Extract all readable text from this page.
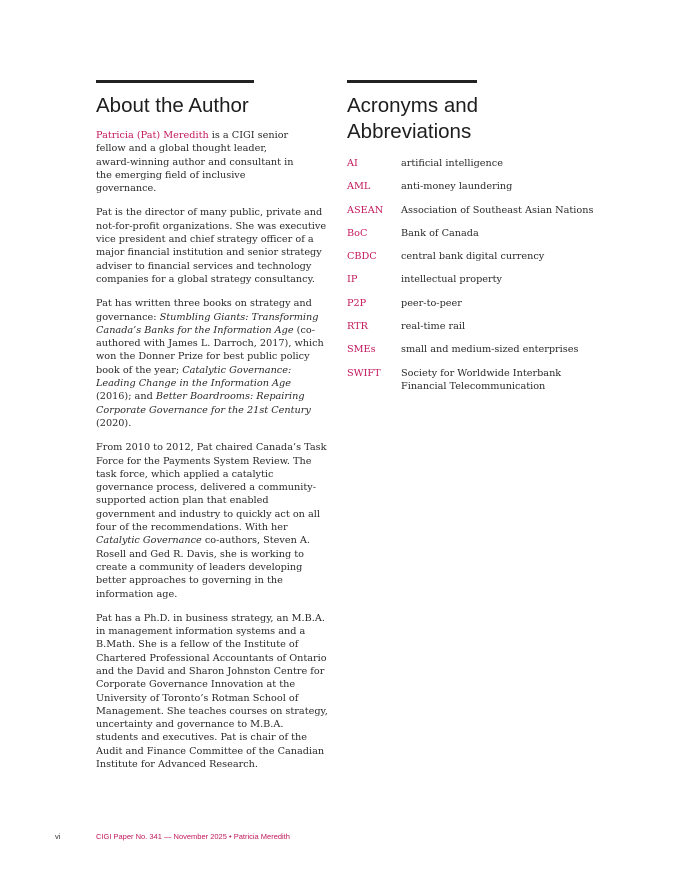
About the Author

Patricia (Pat) Meredith is a CIGI senior fellow and a global thought leader, award-winning author and consultant in the emerging field of inclusive governance.

Pat is the director of many public, private and not-for-profit organizations. She was executive vice president and chief strategy officer of a major financial institution and senior strategy adviser to financial services and technology companies for a global strategy consultancy.

Pat has written three books on strategy and governance: Stumbling Giants: Transforming Canada’s Banks for the Information Age (co-authored with James L. Darroch, 2017), which won the Donner Prize for best public policy book of the year; Catalytic Governance: Leading Change in the Information Age (2016); and Better Boardrooms: Repairing Corporate Governance for the 21st Century (2020).

From 2010 to 2012, Pat chaired Canada’s Task Force for the Payments System Review. The task force, which applied a catalytic governance process, delivered a community-supported action plan that enabled government and industry to quickly act on all four of the recommendations. With her Catalytic Governance co-authors, Steven A. Rosell and Ged R. Davis, she is working to create a community of leaders developing better approaches to governing in the information age.

Pat has a Ph.D. in business strategy, an M.B.A. in management information systems and a B.Math. She is a fellow of the Institute of Chartered Professional Accountants of Ontario and the David and Sharon Johnston Centre for Corporate Governance Innovation at the University of Toronto’s Rotman School of Management. She teaches courses on strategy, uncertainty and governance to M.B.A. students and executives. Pat is chair of the Audit and Finance Committee of the Canadian Institute for Advanced Research.

Acronyms and Abbreviations
AI	artificial intelligence
AML	anti-money laundering
ASEAN	Association of Southeast Asian Nations
BoC	Bank of Canada
CBDC	central bank digital currency
IP	intellectual property
P2P	peer-to-peer
RTR	real-time rail
SMEs	small and medium-sized enterprises
SWIFT	Society for Worldwide Interbank Financial Telecommunication
vi	CIGI Paper No. 341 — November 2025 • Patricia Meredith
